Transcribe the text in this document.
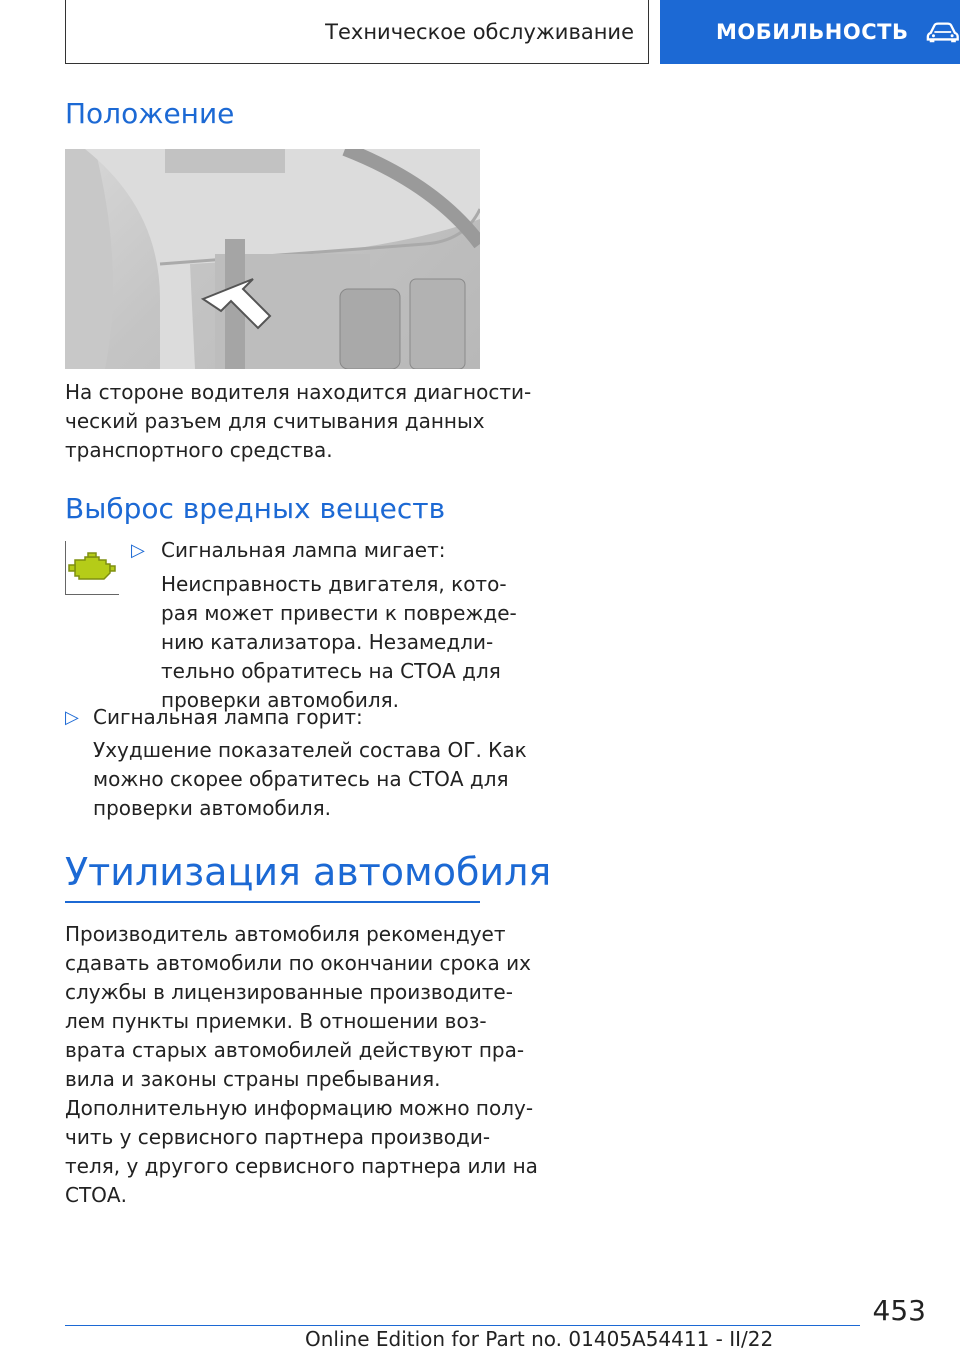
Техническое обслуживание	МОБИЛЬНОСТЬ
Положение

На стороне водителя находится диагности-

ческий разъем для считывания данных

транспортного средства.

Выброс вредных веществ
▷ Сигнальная лампа мигает:

Неисправность двигателя, кото-

рая может привести к поврежде-

нию катализатора. Незамедли-

тельно обратитесь на СТОА для

проверки автомобиля.

▷ Сигнальная лампа горит:

Ухудшение показателей состава ОГ. Как

можно скорее обратитесь на СТОА для

проверки автомобиля.

Утилизация автомобиля

Производитель автомобиля рекомендует

сдавать автомобили по окончании срока их

службы в лицензированные производите-

лем пункты приемки. В отношении воз-

врата старых автомобилей действуют пра-

вила и законы страны пребывания.

Дополнительную информацию можно полу-

чить у сервисного партнера производи-

теля, у другого сервисного партнера или на

СТОА.

453
Online Edition for Part no. 01405A54411 - II/22
